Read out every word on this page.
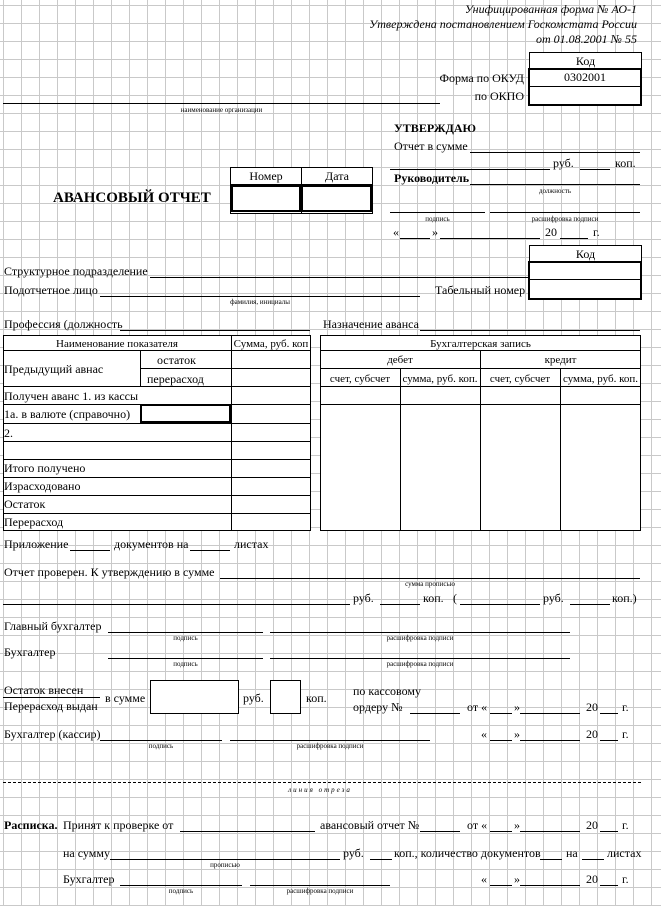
Унифицированная форма № АО-1
Утверждена постановлением Госкомстата России
от 01.08.2001 № 55
Код
0302001
Форма по ОКУД
по ОКПО
наименование организации
УТВЕРЖДАЮ
Отчет в сумме
руб.	коп.
Руководитель
должность
подпись	расшифровка подписи
«	»	20	г.
АВАНСОВЫЙ ОТЧЕТ
Номер	Дата
Код
Структурное подразделение
Подотчетное лицо
фамилия, инициалы
Табельный номер
Профессия (должность	Назначение аванса
Наименование показателя	Сумма, руб. коп
Предыдущий авнас
остаток
перерасход
Получен аванс 1. из кассы
1а. в валюте (справочно)
2.
Итого получено
Израсходовано
Остаток
Перерасход
Бухгалтерская запись
дебет	кредит
счет, субсчет	сумма, руб. коп.	счет, субсчет	сумма, руб. коп.
Приложение	документов на	листах
Отчет проверен. К утверждению в сумме
сумма прописью
руб.	коп. (	руб.	коп.)
Главный бухгалтер
подпись	расшифровка подписи
Бухгалтер
подпись	расшифровка подписи
Остаток внесен
Перерасход выдан
в сумме	руб.	коп. по кассовому
ордеру №	от « »	20 г.
Бухгалтер (кассир)
подпись	расшифровка подписи
« »	20 г.
линия отреза
Расписка. Принят к проверке от	авансовый отчет №	от « »	20 г.
на сумму
прописью
руб.	коп., количество документов на листах
Бухгалтер
подпись	расшифровка подписи
« »	20 г.
